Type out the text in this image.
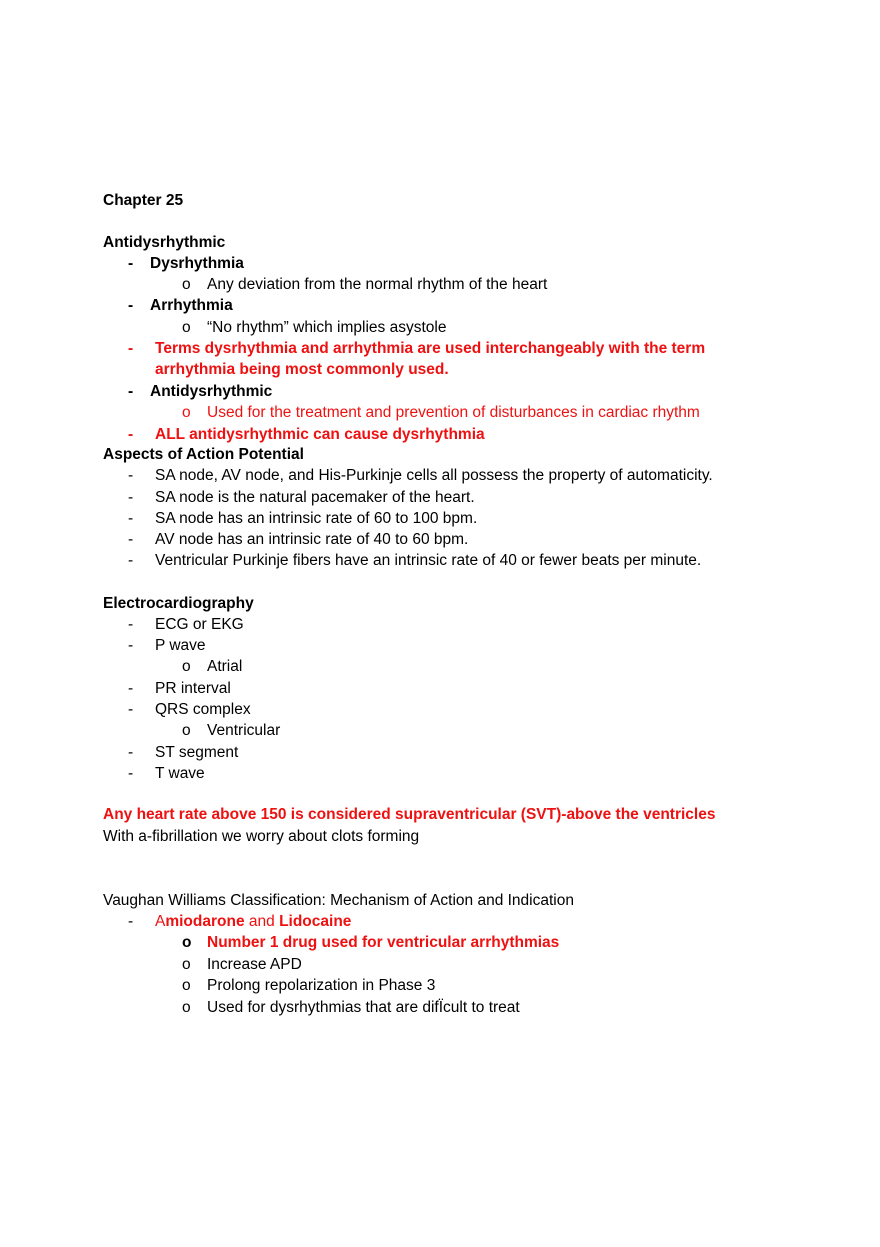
Chapter 25
Antidysrhythmic
-	Dysrhythmia
o Any deviation from the normal rhythm of the heart
-	Arrhythmia
o “No rhythm” which implies asystole
-	Terms dysrhythmia and arrhythmia are used interchangeably with the term
arrhythmia being most commonly used.
-	Antidysrhythmic
o Used for the treatment and prevention of disturbances in cardiac rhythm
-	ALL antidysrhythmic can cause dysrhythmia
Aspects of Action Potential
-	SA node, AV node, and His-Purkinje cells all possess the property of automaticity.
-	SA node is the natural pacemaker of the heart.
-	SA node has an intrinsic rate of 60 to 100 bpm.
-	AV node has an intrinsic rate of 40 to 60 bpm.
-	Ventricular Purkinje fibers have an intrinsic rate of 40 or fewer beats per minute.
Electrocardiography
-	ECG or EKG
-	P wave
o Atrial
-	PR interval
-	QRS complex
o Ventricular
-	ST segment
-	T wave
Any heart rate above 150 is considered supraventricular (SVT)-above the ventricles
With a-fibrillation we worry about clots forming
Vaughan Williams Classification: Mechanism of Action and Indication
-	Amiodarone and Lidocaine
o Number 1 drug used for ventricular arrhythmias
o Increase APD
o Prolong repolarization in Phase 3
o Used for dysrhythmias that are difÏcult to treat
